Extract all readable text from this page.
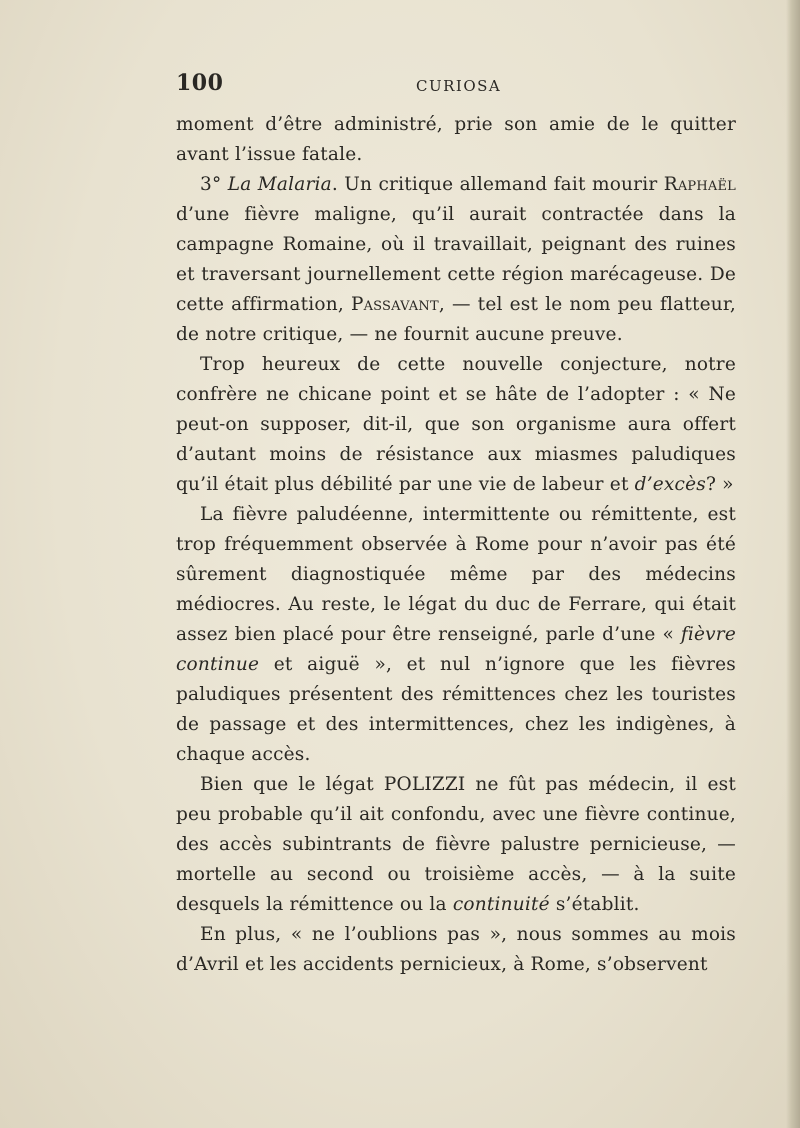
100	CURIOSA

moment d’être administré, prie son amie de le quitter avant l’issue fatale.

3° La Malaria. Un critique allemand fait mourir Raphaël d’une fièvre maligne, qu’il aurait contractée dans la campagne Romaine, où il travaillait, peignant des ruines et traversant journellement cette région marécageuse. De cette affirmation, Passavant, — tel est le nom peu flatteur, de notre critique, — ne fournit aucune preuve.

Trop heureux de cette nouvelle conjecture, notre confrère ne chicane point et se hâte de l’adopter : « Ne peut-on supposer, dit-il, que son organisme aura offert d’autant moins de résistance aux miasmes paludiques qu’il était plus débilité par une vie de labeur et d’excès? »

La fièvre paludéenne, intermittente ou rémittente, est trop fréquemment observée à Rome pour n’avoir pas été sûrement diagnostiquée même par des médecins médiocres. Au reste, le légat du duc de Ferrare, qui était assez bien placé pour être renseigné, parle d’une « fièvre continue et aiguë », et nul n’ignore que les fièvres paludiques présentent des rémittences chez les touristes de passage et des intermittences, chez les indigènes, à chaque accès.

Bien que le légat POLIZZI ne fût pas médecin, il est peu probable qu’il ait confondu, avec une fièvre continue, des accès subintrants de fièvre palustre pernicieuse, — mortelle au second ou troisième accès, — à la suite desquels la rémittence ou la continuité s’établit.

En plus, « ne l’oublions pas », nous sommes au mois d’Avril et les accidents pernicieux, à Rome, s’observent
